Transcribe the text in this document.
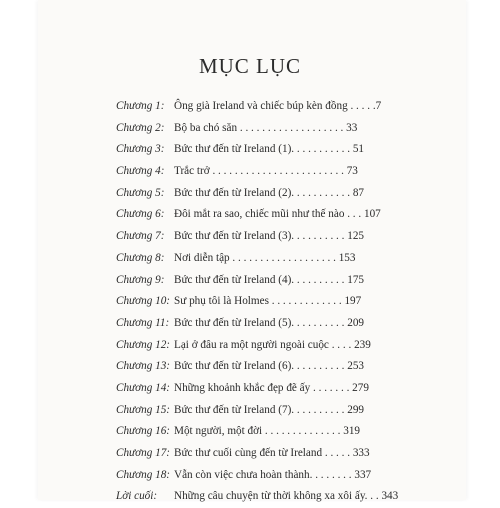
MỤC LỤC
Chương 1: Ông già Ireland và chiếc búp kèn đồng . . . . .7
Chương 2: Bộ ba chó săn . . . . . . . . . . . . . . . . . . . 33
Chương 3: Bức thư đến từ Ireland (1). . . . . . . . . . . 51
Chương 4: Trắc trở . . . . . . . . . . . . . . . . . . . . . . . . 73
Chương 5: Bức thư đến từ Ireland (2). . . . . . . . . . . 87
Chương 6: Đôi mắt ra sao, chiếc mũi như thế nào . . . 107
Chương 7: Bức thư đến từ Ireland (3). . . . . . . . . . 125
Chương 8: Nơi diễn tập . . . . . . . . . . . . . . . . . . . 153
Chương 9: Bức thư đến từ Ireland (4). . . . . . . . . . 175
Chương 10: Sư phụ tôi là Holmes . . . . . . . . . . . . . 197
Chương 11: Bức thư đến từ Ireland (5). . . . . . . . . . 209
Chương 12: Lại ở đâu ra một người ngoài cuộc . . . . 239
Chương 13: Bức thư đến từ Ireland (6). . . . . . . . . . 253
Chương 14: Những khoảnh khắc đẹp đẽ ấy . . . . . . . 279
Chương 15: Bức thư đến từ Ireland (7). . . . . . . . . . 299
Chương 16: Một người, một đời . . . . . . . . . . . . . . 319
Chương 17: Bức thư cuối cùng đến từ Ireland . . . . . 333
Chương 18: Vẫn còn việc chưa hoàn thành. . . . . . . . 337
Lời cuối:	Những câu chuyện từ thời không xa xôi ấy. . . 343
